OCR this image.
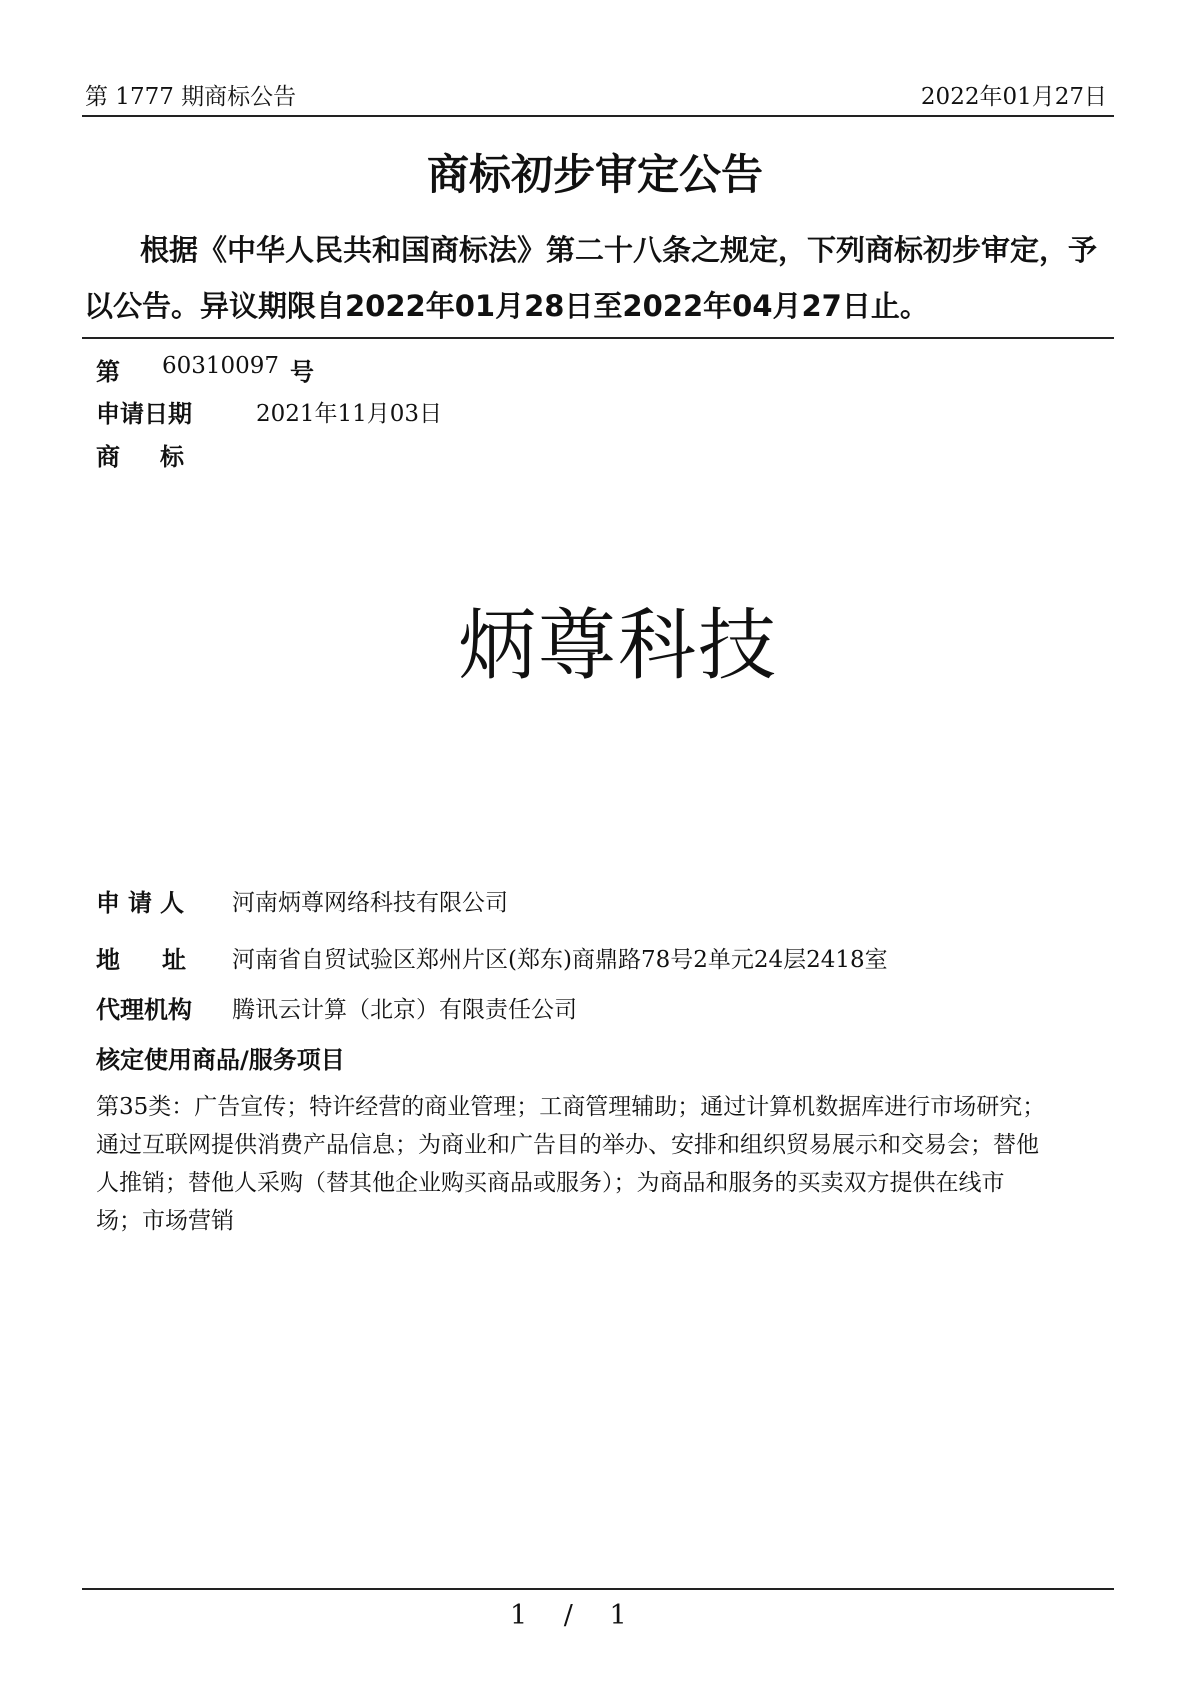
第 1777 期商标公告	2022年01月27日
商标初步审定公告
根据《中华人民共和国商标法》第二十八条之规定，下列商标初步审定，予
以公告。异议期限自2022年01月28日至2022年04月27日止。
第 60310097 号
申请日期	2021年11月03日
商标
炳尊科技
申请人 河南炳尊网络科技有限公司
地址 河南省自贸试验区郑州片区(郑东)商鼎路78号2单元24层2418室
代理机构 腾讯云计算（北京）有限责任公司
核定使用商品/服务项目
第35类：广告宣传；特许经营的商业管理；工商管理辅助；通过计算机数据库进行市场研究；
通过互联网提供消费产品信息；为商业和广告目的举办、安排和组织贸易展示和交易会；替他
人推销；替他人采购（替其他企业购买商品或服务）；为商品和服务的买卖双方提供在线市
场；市场营销
1 / 1
